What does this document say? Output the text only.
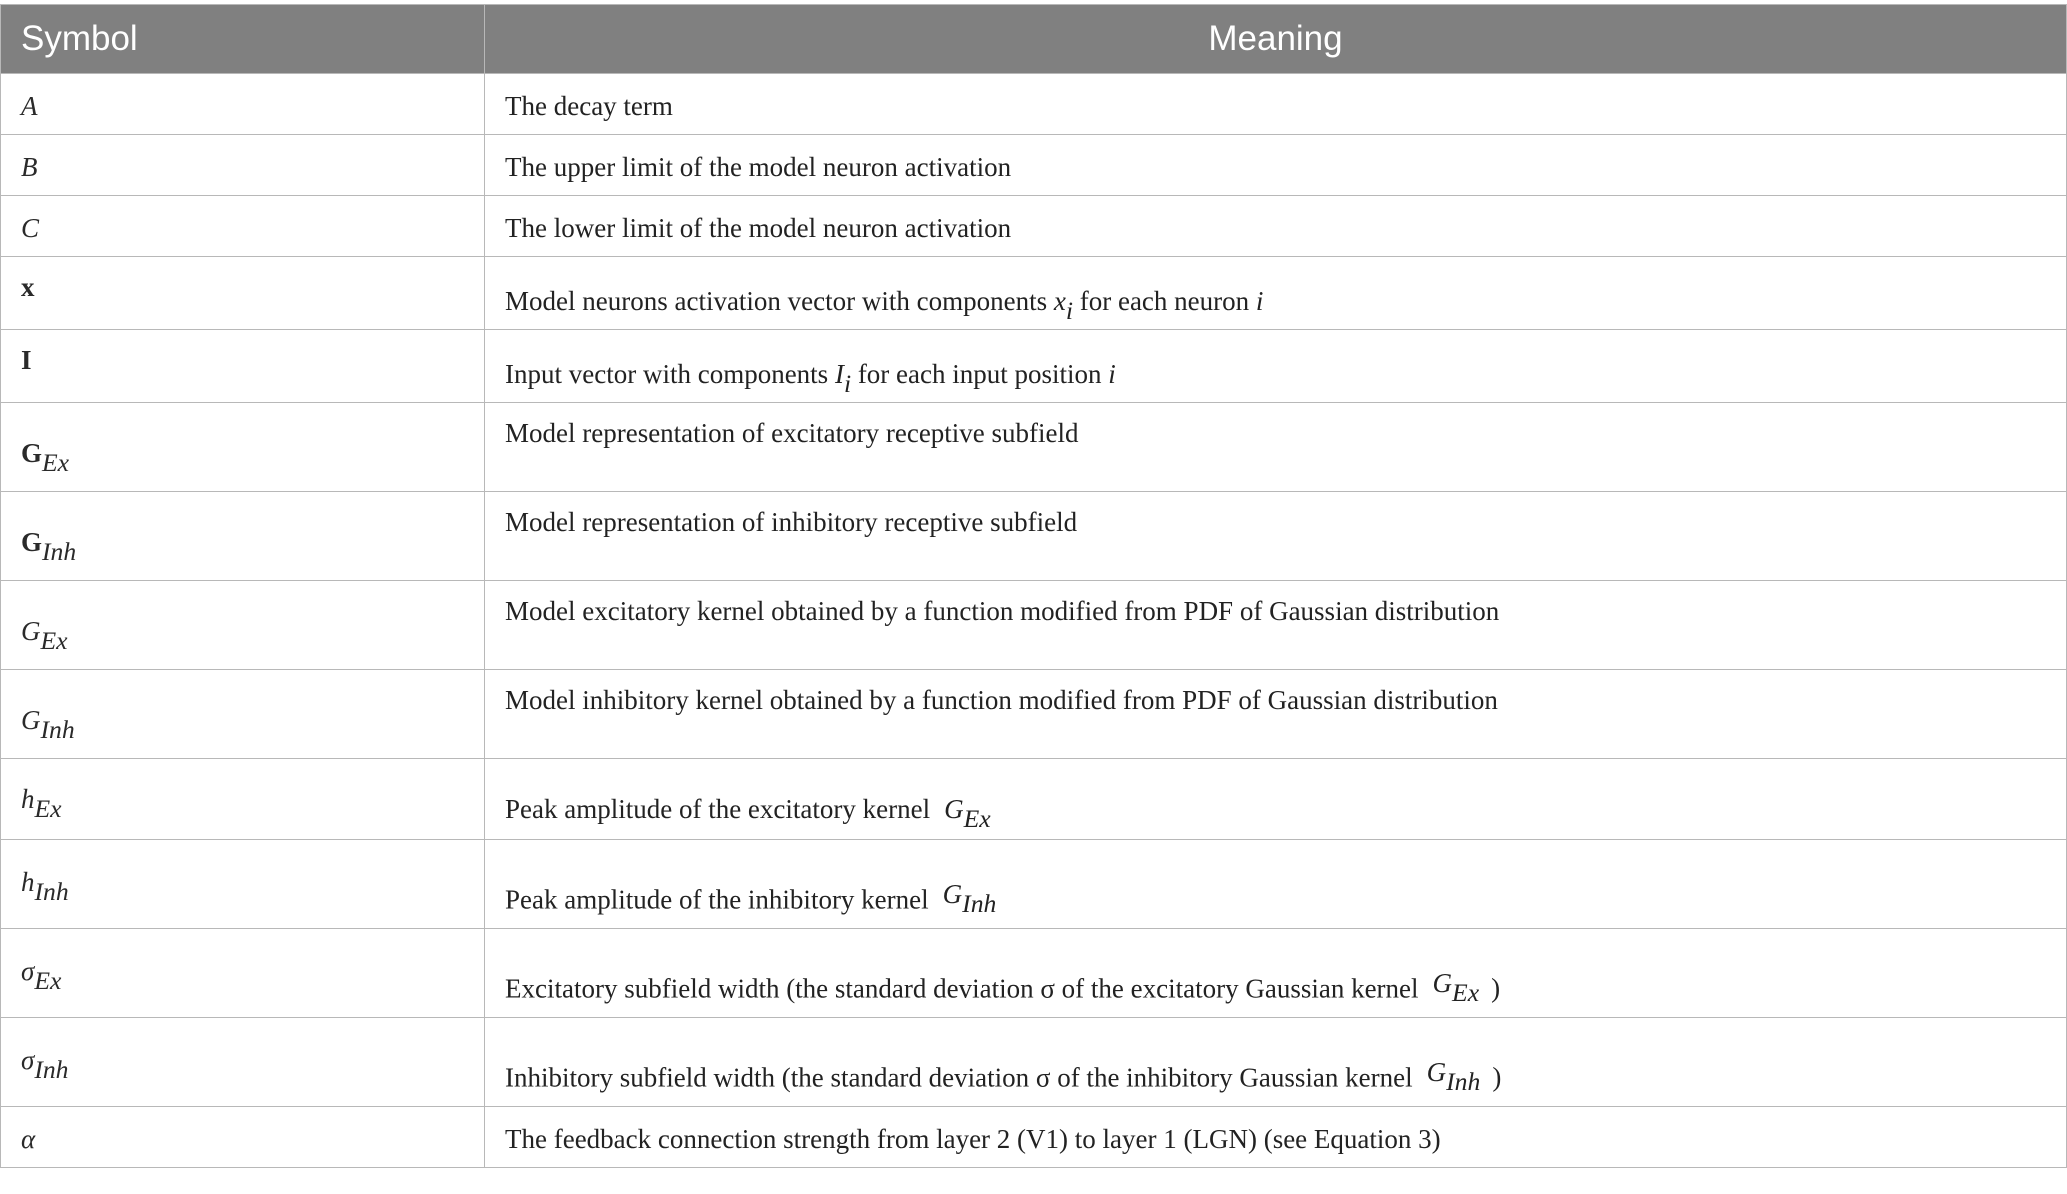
Symbol	Meaning

A	The decay term

B	The upper limit of the model neuron activation

C	The lower limit of the model neuron activation

x	Model neurons activation vector with components xi for each neuron i

I	Input vector with components Ii for each input position i

GEx	Model representation of excitatory receptive subfield

GInh	Model representation of inhibitory receptive subfield

GEx	Model excitatory kernel obtained by a function modified from PDF of Gaussian distribution

GInh	Model inhibitory kernel obtained by a function modified from PDF of Gaussian distribution

hEx	Peak amplitude of the excitatory kernel GEx

hInh	Peak amplitude of the inhibitory kernel GInh

σEx	Excitatory subfield width (the standard deviation σ of the excitatory Gaussian kernel GEx )

σInh	Inhibitory subfield width (the standard deviation σ of the inhibitory Gaussian kernel GInh )

α	The feedback connection strength from layer 2 (V1) to layer 1 (LGN) (see Equation 3)
